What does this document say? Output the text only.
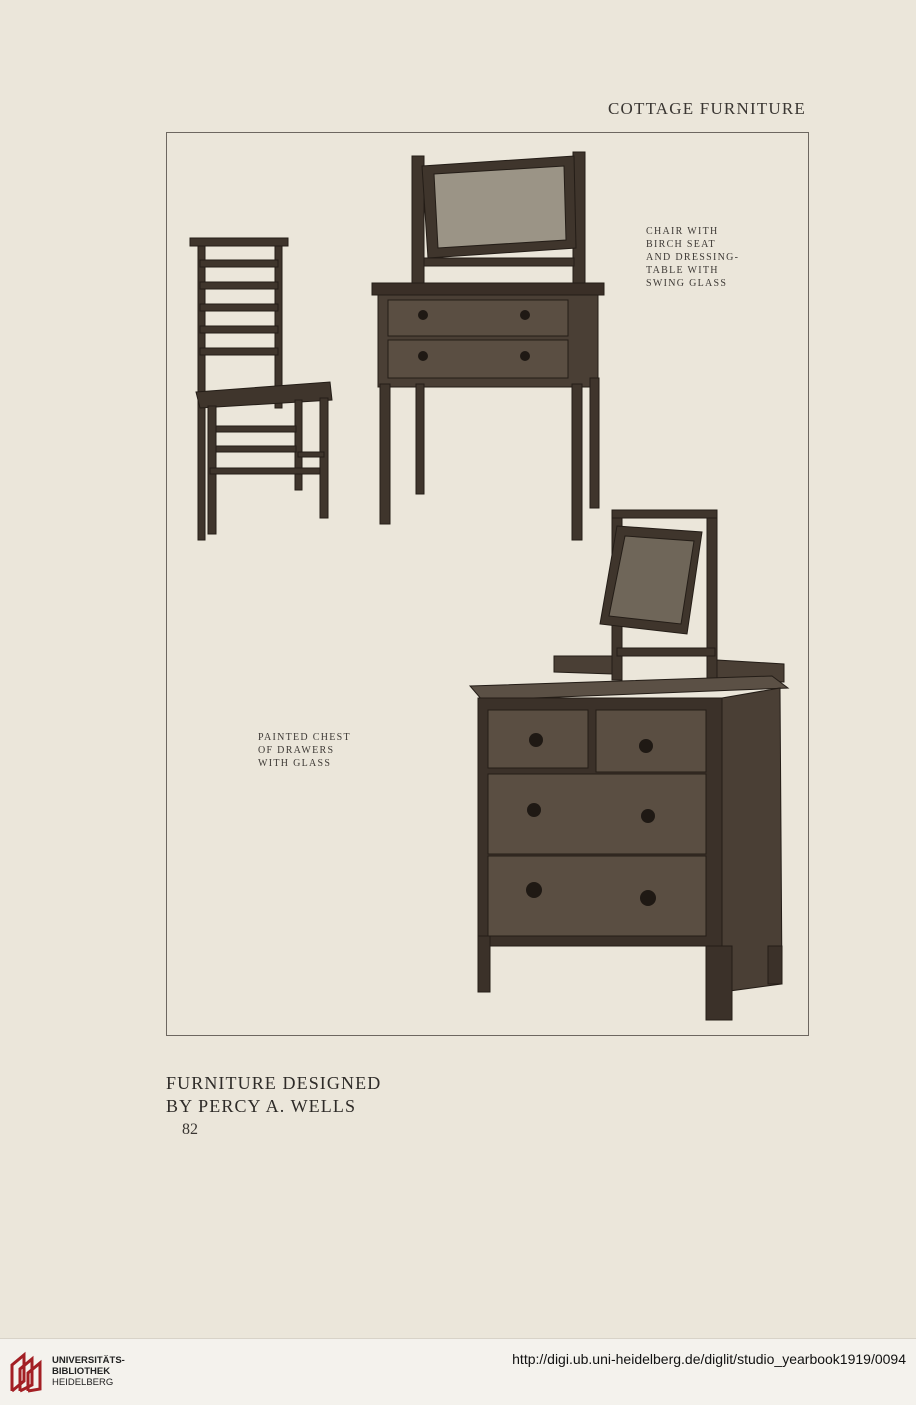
COTTAGE FURNITURE
CHAIR WITH
BIRCH SEAT
AND DRESSING-
TABLE WITH
SWING GLASS
PAINTED CHEST
OF DRAWERS
WITH GLASS
FURNITURE DESIGNED
BY PERCY A. WELLS
82
UNIVERSITÄTS-
BIBLIOTHEK
HEIDELBERG
http://digi.ub.uni-heidelberg.de/diglit/studio_yearbook1919/0094
